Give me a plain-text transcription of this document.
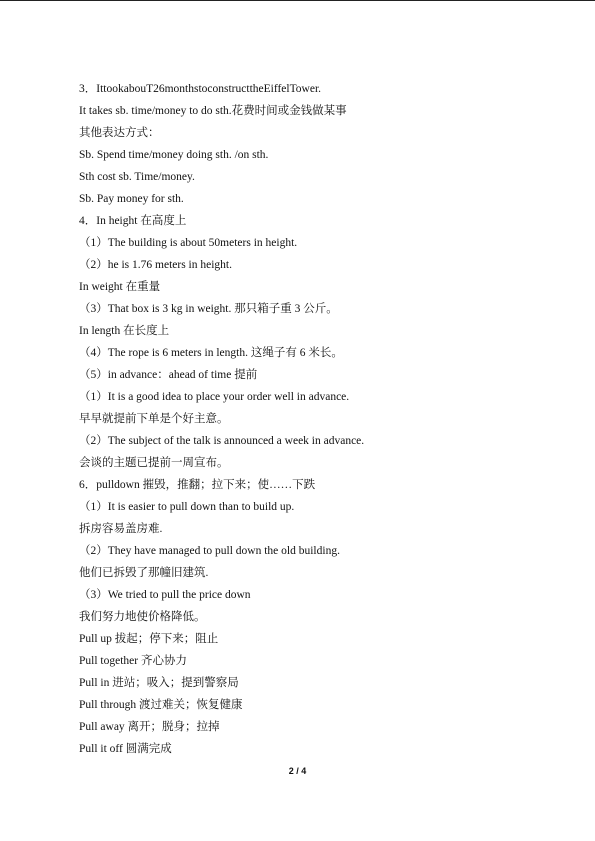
3．IttookabouT26monthstoconstructtheEiffelTower.
It takes sb. time/money to do sth.花费时间或金钱做某事
其他表达方式：
Sb. Spend time/money doing sth. /on sth.
Sth cost sb. Time/money.
Sb. Pay money for sth.
4．In height 在高度上
（1）The building is about 50meters in height.
（2）he is 1.76 meters in height.
In weight 在重量
（3）That box is 3 kg in weight. 那只箱子重 3 公斤。
In length 在长度上
（4）The rope is 6 meters in length. 这绳子有 6 米长。
（5）in advance：ahead of time 提前
（1）It is a good idea to place your order well in advance.
早早就提前下单是个好主意。
（2）The subject of the talk is announced a week in advance.
会谈的主题已提前一周宣布。
6．pulldown 摧毁，推翻；拉下来；使……下跌
（1）It is easier to pull down than to build up.
拆房容易盖房难.
（2）They have managed to pull down the old building.
他们已拆毁了那幢旧建筑.
（3）We tried to pull the price down
我们努力地使价格降低。
Pull up 拔起；停下来；阻止
Pull together 齐心协力
Pull in 进站；吸入；提到警察局
Pull through 渡过难关；恢复健康
Pull away 离开；脱身；拉掉
Pull it off 圆满完成
2 / 4
